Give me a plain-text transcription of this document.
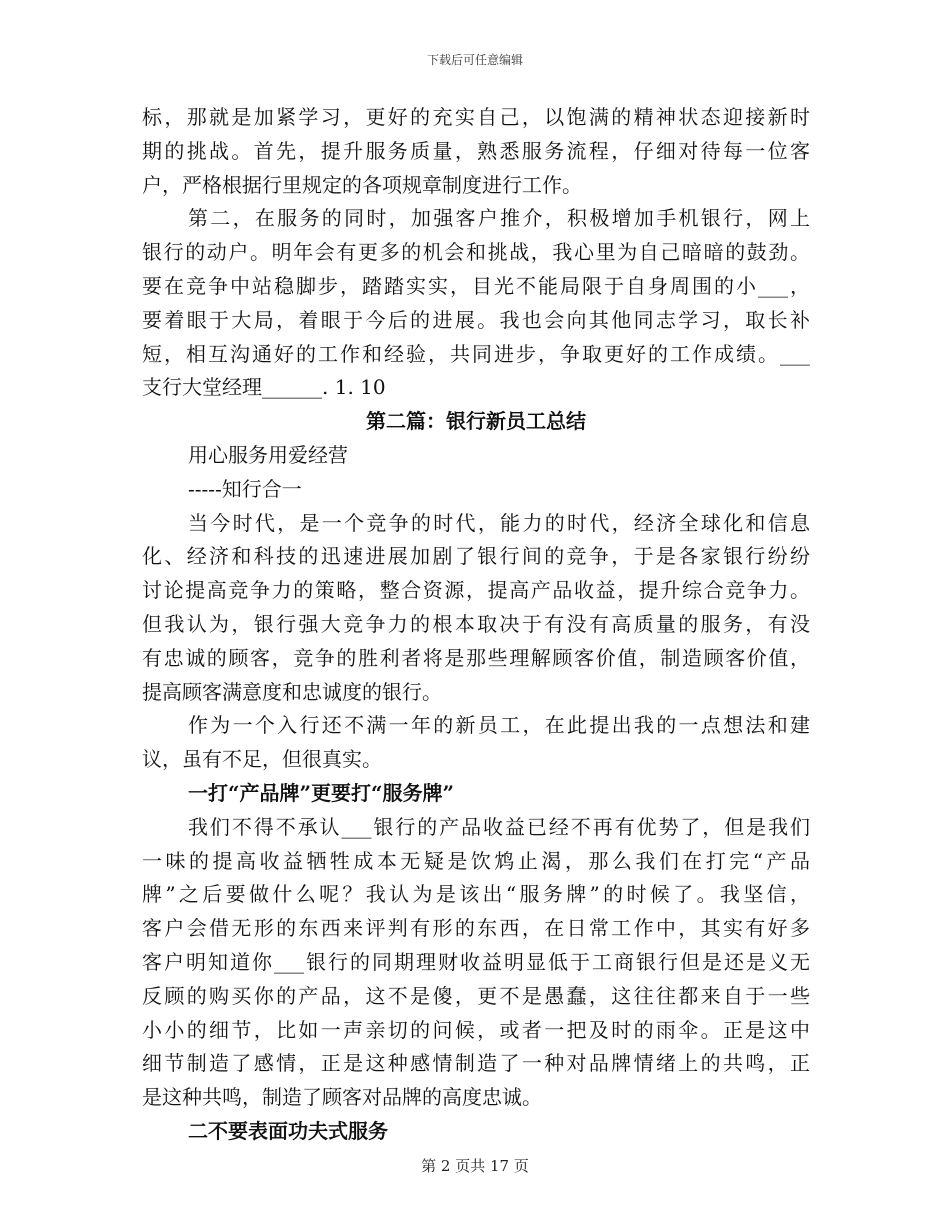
下载后可任意编辑
标，那就是加紧学习，更好的充实自己，以饱满的精神状态迎接新时
期的挑战。首先，提升服务质量，熟悉服务流程，仔细对待每一位客
户，严格根据行里规定的各项规章制度进行工作。
第二，在服务的同时，加强客户推介，积极增加手机银行，网上
银行的动户。明年会有更多的机会和挑战，我心里为自己暗暗的鼓劲。
要在竞争中站稳脚步，踏踏实实，目光不能局限于自身周围的小___，
要着眼于大局，着眼于今后的进展。我也会向其他同志学习，取长补
短，相互沟通好的工作和经验，共同进步，争取更好的工作成绩。___
支行大堂经理______. 1. 10
第二篇：银行新员工总结
用心服务用爱经营
-----知行合一
当今时代，是一个竞争的时代，能力的时代，经济全球化和信息
化、经济和科技的迅速进展加剧了银行间的竞争，于是各家银行纷纷
讨论提高竞争力的策略，整合资源，提高产品收益，提升综合竞争力。
但我认为，银行强大竞争力的根本取决于有没有高质量的服务，有没
有忠诚的顾客，竞争的胜利者将是那些理解顾客价值，制造顾客价值，
提高顾客满意度和忠诚度的银行。
作为一个入行还不满一年的新员工，在此提出我的一点想法和建
议，虽有不足，但很真实。
一打“产品牌”更要打“服务牌”
我们不得不承认___银行的产品收益已经不再有优势了，但是我们
一味的提高收益牺牲成本无疑是饮鸩止渴，那么我们在打完“产品
牌”之后要做什么呢？我认为是该出“服务牌”的时候了。我坚信，
客户会借无形的东西来评判有形的东西，在日常工作中，其实有好多
客户明知道你___银行的同期理财收益明显低于工商银行但是还是义无
反顾的购买你的产品，这不是傻，更不是愚蠢，这往往都来自于一些
小小的细节，比如一声亲切的问候，或者一把及时的雨伞。正是这中
细节制造了感情，正是这种感情制造了一种对品牌情绪上的共鸣，正
是这种共鸣，制造了顾客对品牌的高度忠诚。
二不要表面功夫式服务
第 2 页共 17 页
